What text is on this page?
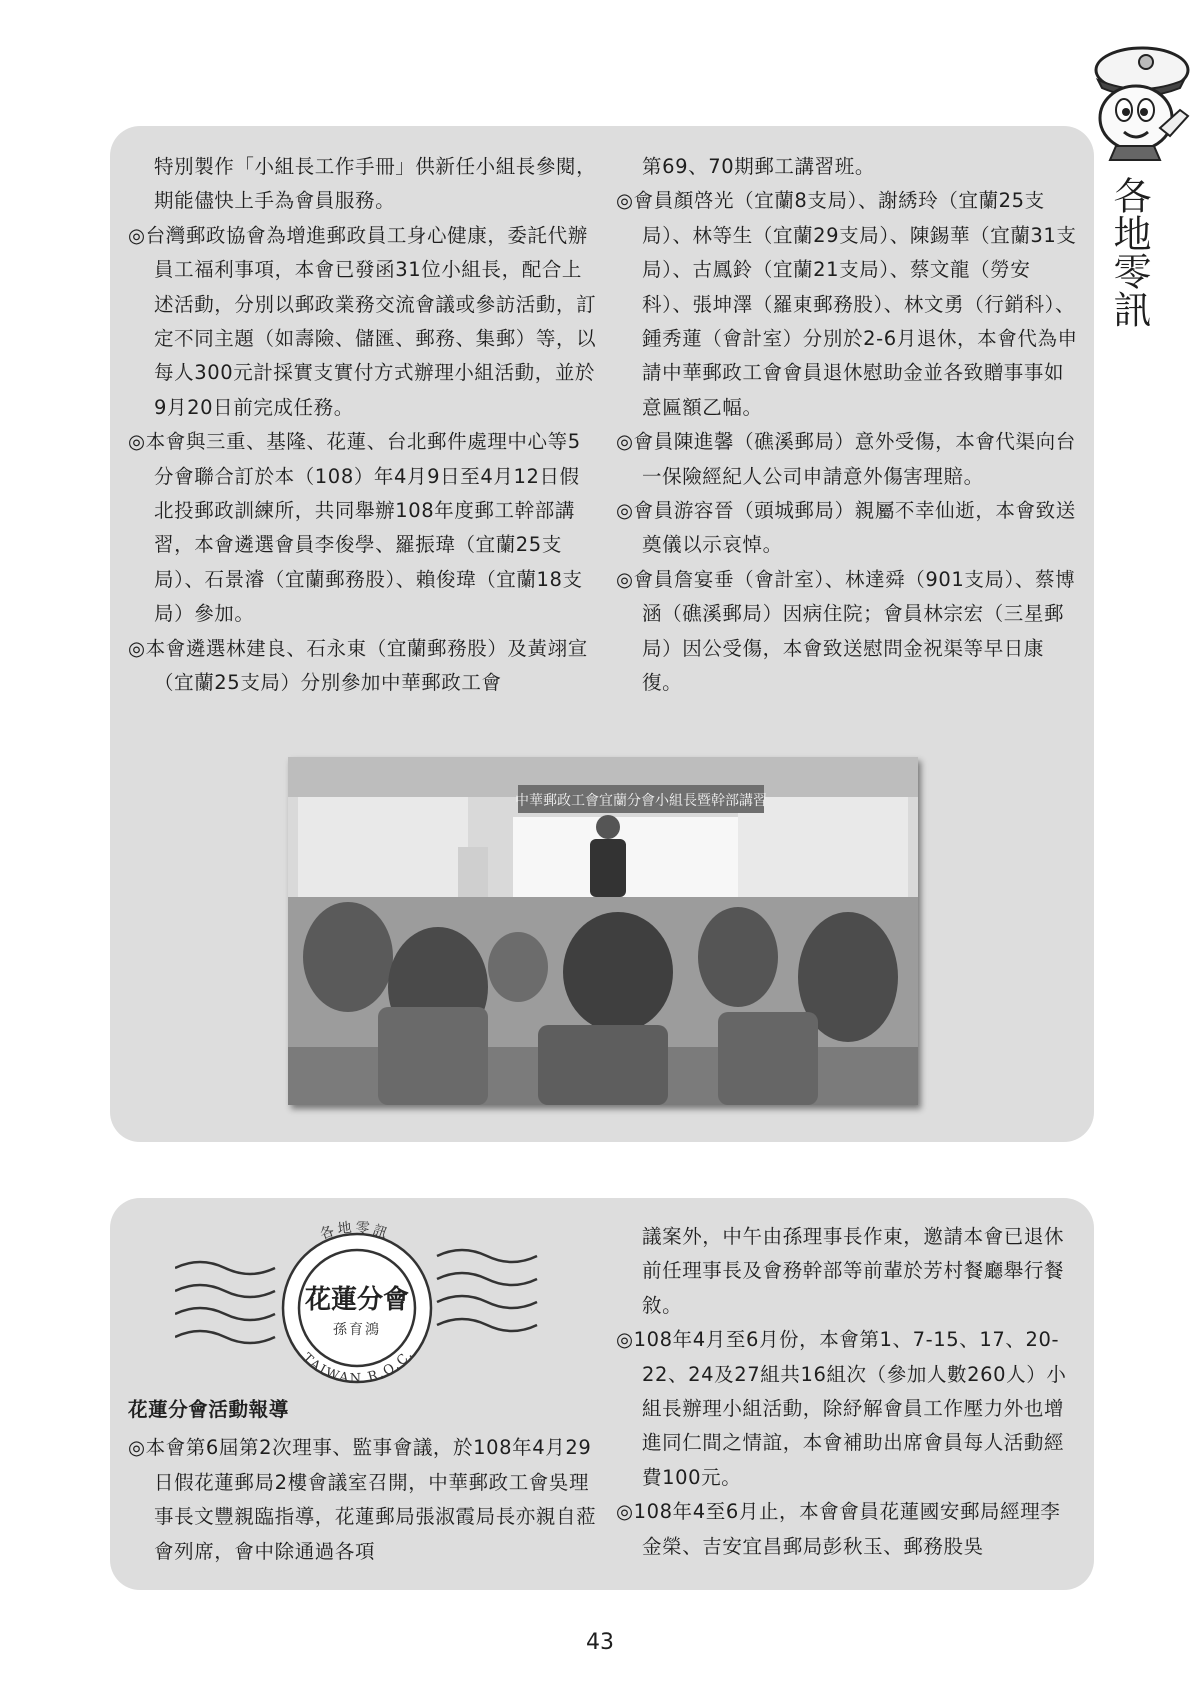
各地零訊

特別製作「小組長工作手冊」供新任小組長參閱，期能儘快上手為會員服務。

◎台灣郵政協會為增進郵政員工身心健康，委託代辦員工福利事項，本會已發函31位小組長，配合上述活動，分別以郵政業務交流會議或參訪活動，訂定不同主題（如壽險、儲匯、郵務、集郵）等，以每人300元計採實支實付方式辦理小組活動，並於9月20日前完成任務。

◎本會與三重、基隆、花蓮、台北郵件處理中心等5分會聯合訂於本（108）年4月9日至4月12日假北投郵政訓練所，共同舉辦108年度郵工幹部講習，本會遴選會員李俊學、羅振瑋（宜蘭25支局）、石景濬（宜蘭郵務股）、賴俊瑋（宜蘭18支局）參加。

◎本會遴選林建良、石永東（宜蘭郵務股）及黃翊宣（宜蘭25支局）分別參加中華郵政工會

第69、70期郵工講習班。

◎會員顏啓光（宜蘭8支局）、謝綉玲（宜蘭25支局）、林等生（宜蘭29支局）、陳錫華（宜蘭31支局）、古鳳鈴（宜蘭21支局）、蔡文龍（勞安科）、張坤澤（羅東郵務股）、林文勇（行銷科）、鍾秀蓮（會計室）分別於2-6月退休，本會代為申請中華郵政工會會員退休慰助金並各致贈事事如意匾額乙幅。

◎會員陳進馨（礁溪郵局）意外受傷，本會代渠向台一保險經紀人公司申請意外傷害理賠。

◎會員游容晉（頭城郵局）親屬不幸仙逝，本會致送奠儀以示哀悼。

◎會員詹宴垂（會計室）、林達舜（901支局）、蔡博涵（礁溪郵局）因病住院；會員林宗宏（三星郵局）因公受傷，本會致送慰問金祝渠等早日康復。

中華郵政工會宜蘭分會小組長暨幹部講習
各地零訊
TAIWAN R.O.C.
花蓮分會
孫育鴻

花蓮分會活動報導

◎本會第6屆第2次理事、監事會議，於108年4月29日假花蓮郵局2樓會議室召開，中華郵政工會吳理事長文豐親臨指導，花蓮郵局張淑霞局長亦親自蒞會列席，會中除通過各項

議案外，中午由孫理事長作東，邀請本會已退休前任理事長及會務幹部等前輩於芳村餐廳舉行餐敘。

◎108年4月至6月份，本會第1、7-15、17、20-22、24及27組共16組次（參加人數260人）小組長辦理小組活動，除紓解會員工作壓力外也增進同仁間之情誼，本會補助出席會員每人活動經費100元。

◎108年4至6月止，本會會員花蓮國安郵局經理李金榮、吉安宜昌郵局彭秋玉、郵務股吳

43
